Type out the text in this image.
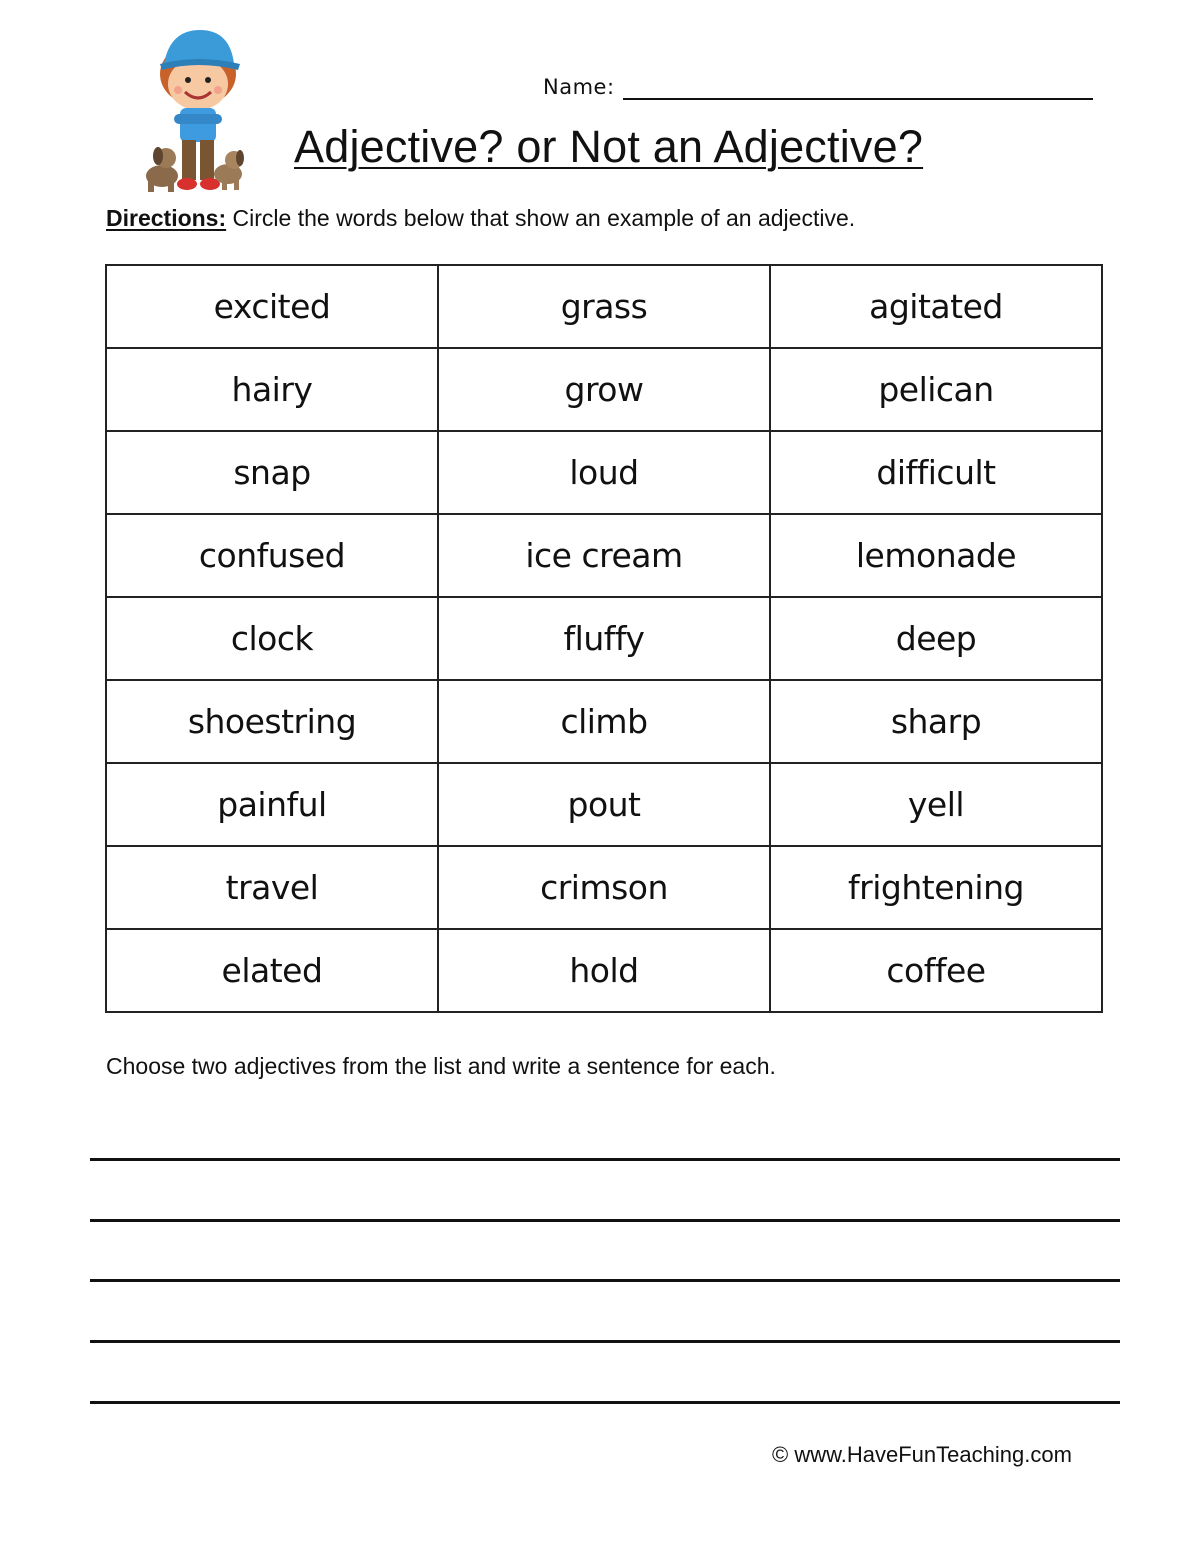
Name:
Adjective? or Not an Adjective?
Directions: Circle the words below that show an example of an adjective.
excited	grass	agitated
hairy	grow	pelican
snap	loud	difficult
confused	ice cream	lemonade
clock	fluffy	deep
shoestring	climb	sharp
painful	pout	yell
travel	crimson	frightening
elated	hold	coffee
Choose two adjectives from the list and write a sentence for each.
© www.HaveFunTeaching.com
